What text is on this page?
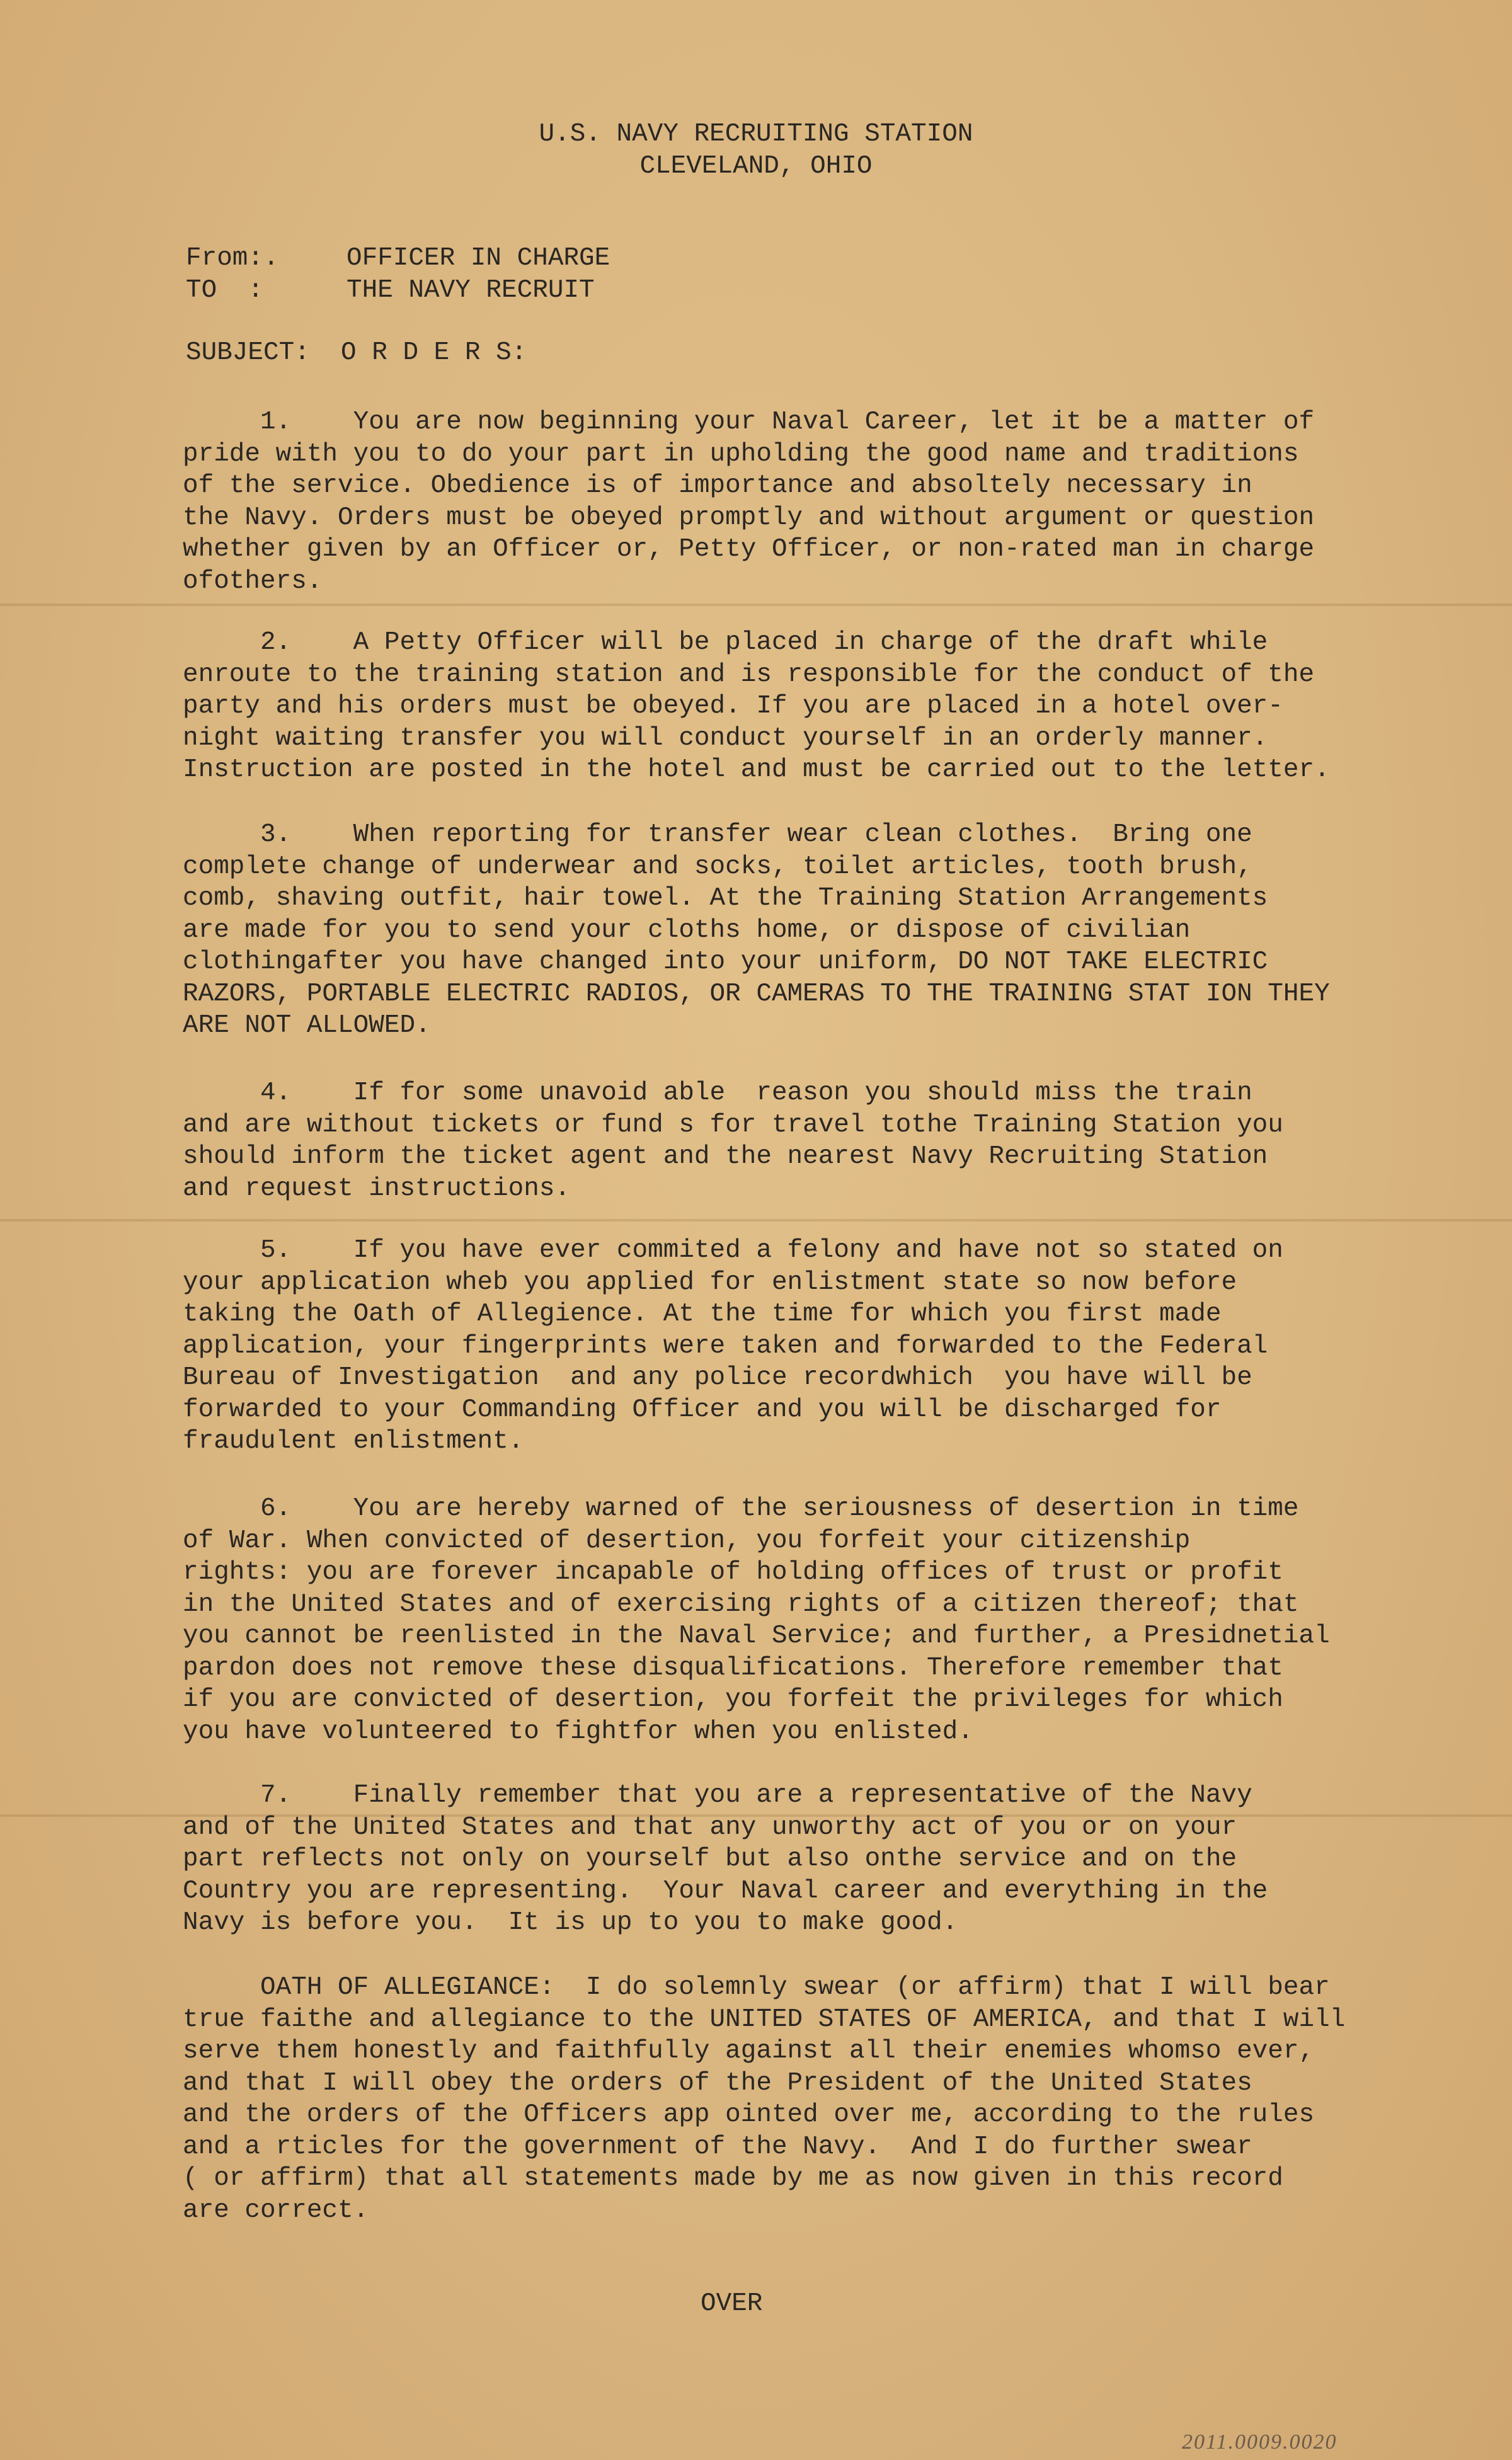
U.S. NAVY RECRUITING STATION
CLEVELAND, OHIO
From:.	OFFICER IN CHARGE
TO  :	THE NAVY RECRUIT
SUBJECT:  O R D E R S:
1.    You are now beginning your Naval Career, let it be a matter of
pride with you to do your part in upholding the good name and traditions
of the service. Obedience is of importance and absoltely necessary in
the Navy. Orders must be obeyed promptly and without argument or question
whether given by an Officer or, Petty Officer, or non-rated man in charge
ofothers.
2.    A Petty Officer will be placed in charge of the draft while
enroute to the training station and is responsible for the conduct of the
party and his orders must be obeyed. If you are placed in a hotel over-
night waiting transfer you will conduct yourself in an orderly manner.
Instruction are posted in the hotel and must be carried out to the letter.
3.    When reporting for transfer wear clean clothes.  Bring one
complete change of underwear and socks, toilet articles, tooth brush,
comb, shaving outfit, hair towel. At the Training Station Arrangements
are made for you to send your cloths home, or dispose of civilian
clothingafter you have changed into your uniform, DO NOT TAKE ELECTRIC
RAZORS, PORTABLE ELECTRIC RADIOS, OR CAMERAS TO THE TRAINING STAT ION THEY
ARE NOT ALLOWED.
4.    If for some unavoid able  reason you should miss the train
and are without tickets or fund s for travel tothe Training Station you
should inform the ticket agent and the nearest Navy Recruiting Station
and request instructions.
5.    If you have ever commited a felony and have not so stated on
your application wheb you applied for enlistment state so now before
taking the Oath of Allegience. At the time for which you first made
application, your fingerprints were taken and forwarded to the Federal
Bureau of Investigation  and any police recordwhich  you have will be
forwarded to your Commanding Officer and you will be discharged for
fraudulent enlistment.
6.    You are hereby warned of the seriousness of desertion in time
of War. When convicted of desertion, you forfeit your citizenship
rights: you are forever incapable of holding offices of trust or profit
in the United States and of exercising rights of a citizen thereof; that
you cannot be reenlisted in the Naval Service; and further, a Presidnetial
pardon does not remove these disqualifications. Therefore remember that
if you are convicted of desertion, you forfeit the privileges for which
you have volunteered to fightfor when you enlisted.
7.    Finally remember that you are a representative of the Navy
and of the United States and that any unworthy act of you or on your
part reflects not only on yourself but also onthe service and on the
Country you are representing.  Your Naval career and everything in the
Navy is before you.  It is up to you to make good.
OATH OF ALLEGIANCE:  I do solemnly swear (or affirm) that I will bear
true faithe and allegiance to the UNITED STATES OF AMERICA, and that I will
serve them honestly and faithfully against all their enemies whomso ever,
and that I will obey the orders of the President of the United States
and the orders of the Officers app ointed over me, according to the rules
and a rticles for the government of the Navy.  And I do further swear
( or affirm) that all statements made by me as now given in this record
are correct.
OVER
2011.0009.0020
